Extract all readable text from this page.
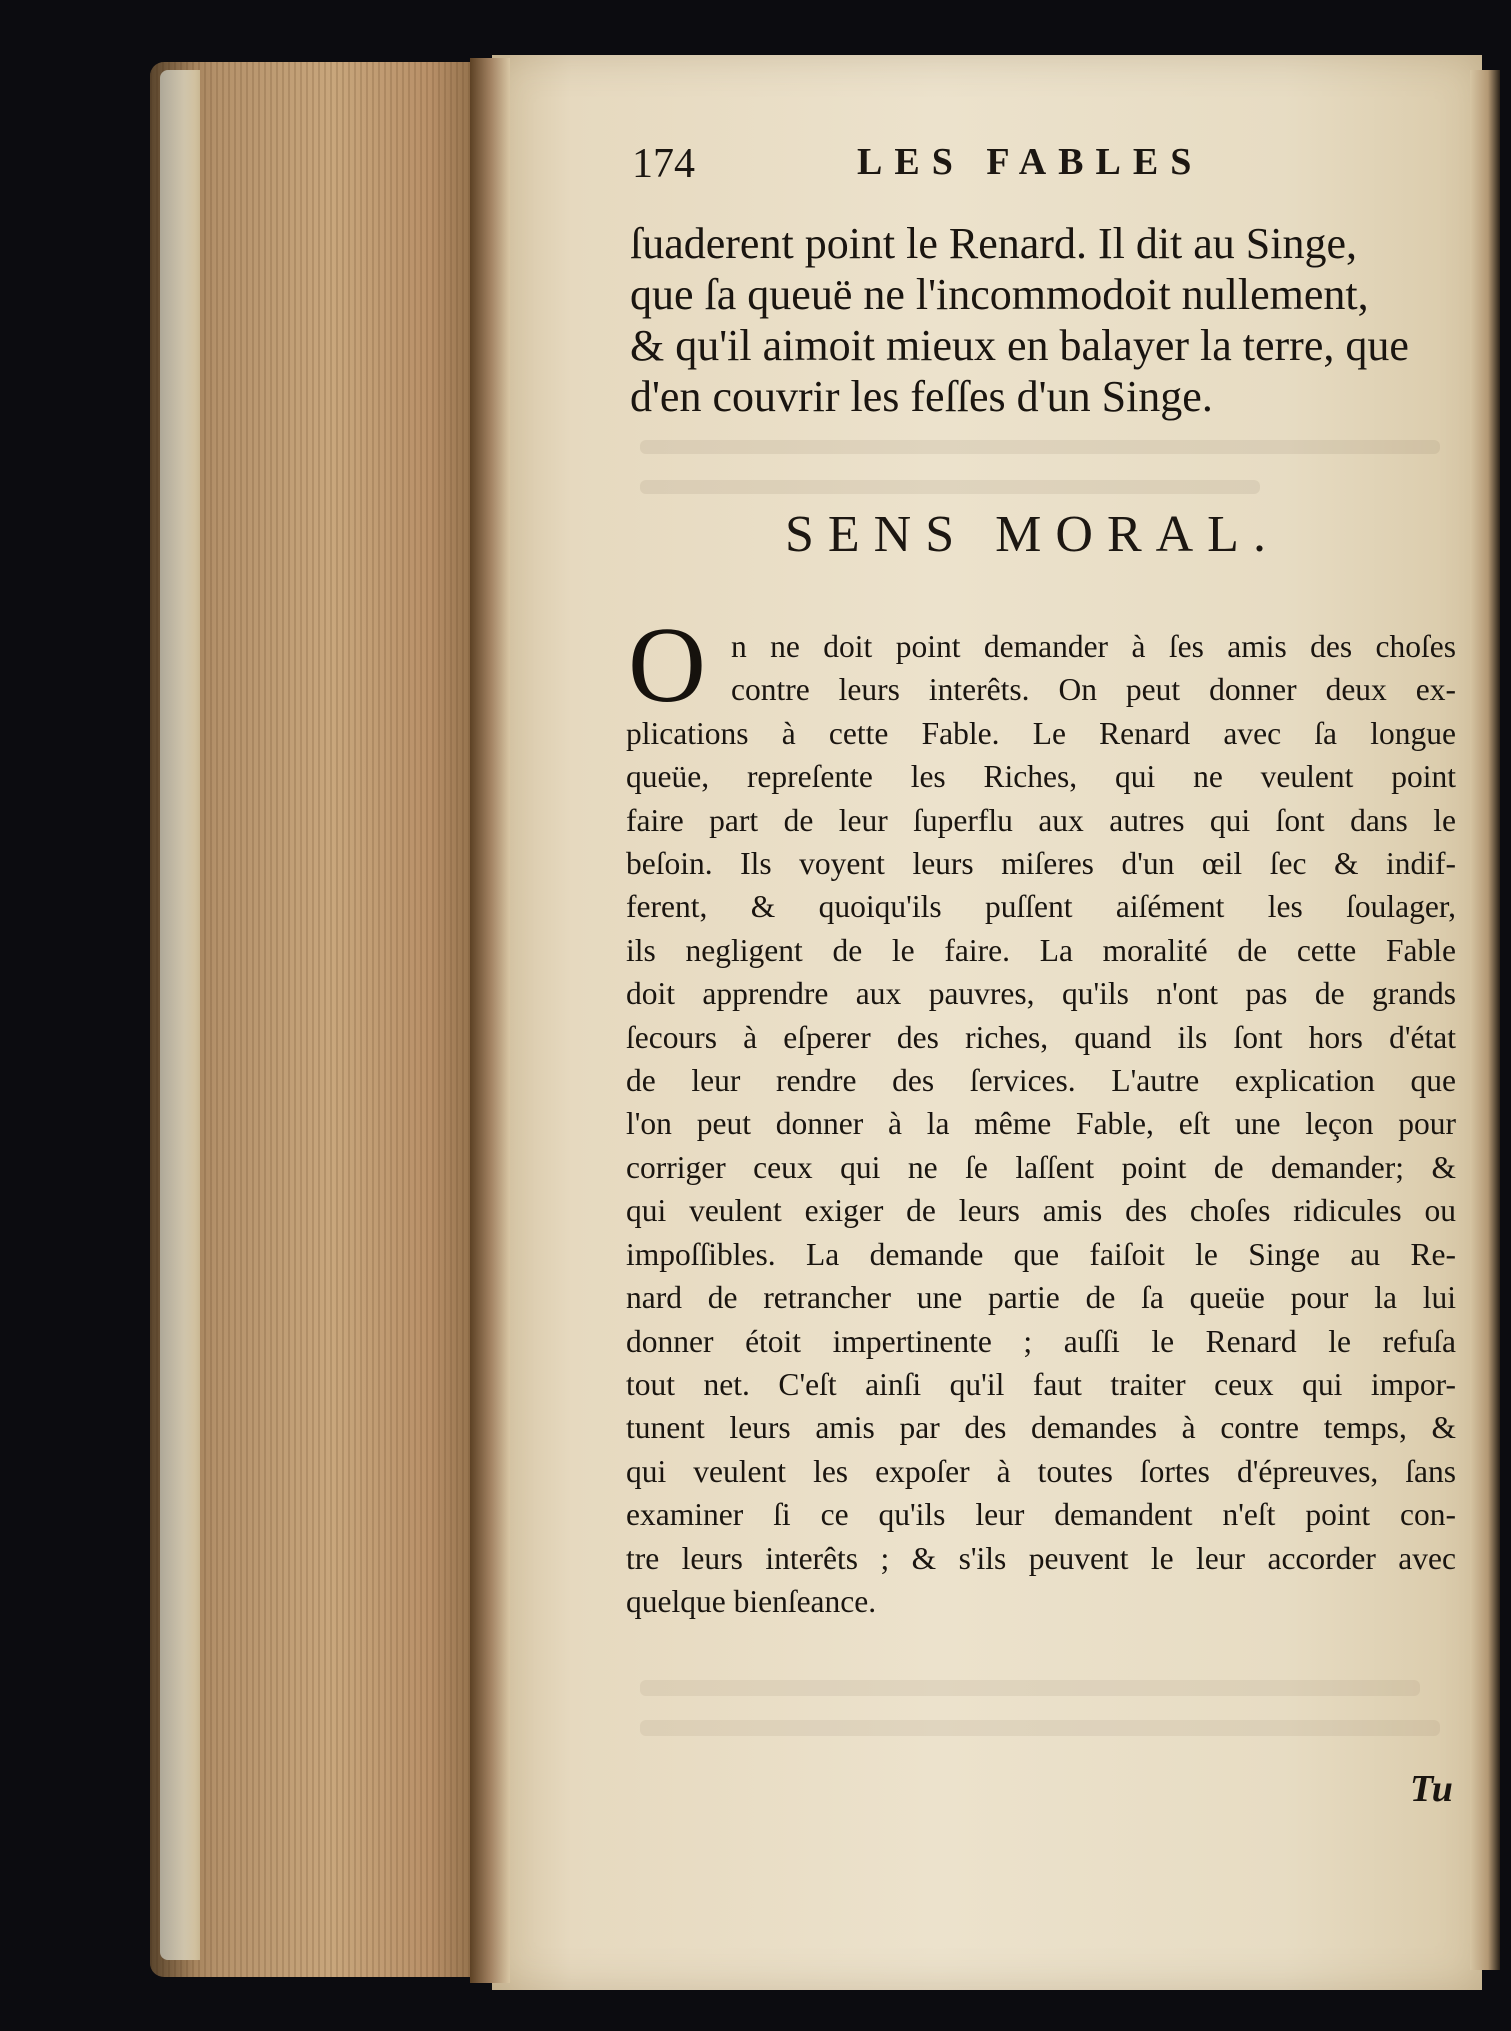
174	LES FABLES
ſuaderent point le Renard. Il dit au Singe,
que ſa queuë ne l'incommodoit nullement,
& qu'il aimoit mieux en balayer la terre, que
d'en couvrir les feſſes d'un Singe.
SENS MORAL.
O n ne doit point demander à ſes amis des choſes
contre leurs interêts. On peut donner deux ex-
plications à cette Fable. Le Renard avec ſa longue
queüe, repreſente les Riches, qui ne veulent point
faire part de leur ſuperflu aux autres qui ſont dans le
beſoin. Ils voyent leurs miſeres d'un œil ſec & indif-
ferent, & quoiqu'ils puſſent aiſément les ſoulager,
ils negligent de le faire. La moralité de cette Fable
doit apprendre aux pauvres, qu'ils n'ont pas de grands
ſecours à eſperer des riches, quand ils ſont hors d'état
de leur rendre des ſervices. L'autre explication que
l'on peut donner à la même Fable, eſt une leçon pour
corriger ceux qui ne ſe laſſent point de demander; &
qui veulent exiger de leurs amis des choſes ridicules ou
impoſſibles. La demande que faiſoit le Singe au Re-
nard de retrancher une partie de ſa queüe pour la lui
donner étoit impertinente ; auſſi le Renard le refuſa
tout net. C'eſt ainſi qu'il faut traiter ceux qui impor-
tunent leurs amis par des demandes à contre temps, &
qui veulent les expoſer à toutes ſortes d'épreuves, ſans
examiner ſi ce qu'ils leur demandent n'eſt point con-
tre leurs interêts ; & s'ils peuvent le leur accorder avec
quelque bienſeance.
Tu
